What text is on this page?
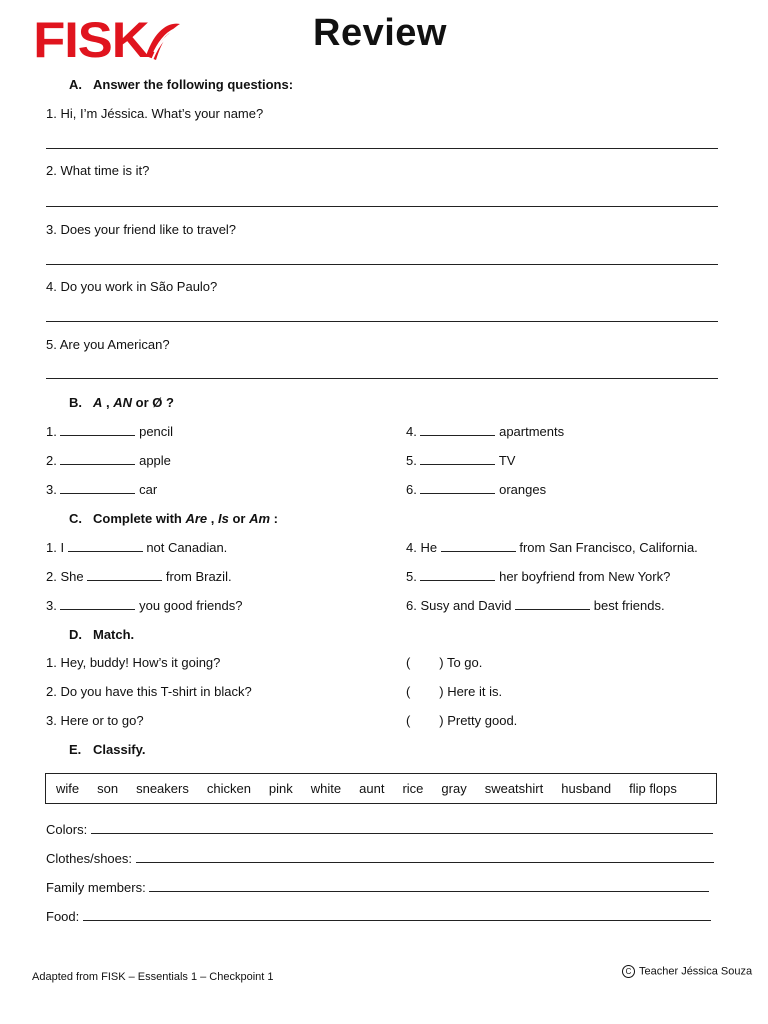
FISK	Review
A. Answer the following questions:
1. Hi, I’m Jéssica. What’s your name?
2. What time is it?
3. Does your friend like to travel?
4. Do you work in São Paulo?
5. Are you American?
B. A , AN or Ø ?
1.	pencil
2.	apple
3.	car
4.	apartments
5.	TV
6.	oranges
C. Complete with Are , Is or Am :
1. I	not Canadian.
2. She	from Brazil.
3.	you good friends?
4. He	from San Francisco, California.
5.	her boyfriend from New York?
6. Susy and David	best friends.
D. Match.
1. Hey, buddy! How’s it going?
2. Do you have this T-shirt in black?
3. Here or to go?
(        ) To go.
(        ) Here it is.
(        ) Pretty good.
E. Classify.
wife son sneakers chicken pink white aunt rice gray sweatshirt husband flip flops
Colors:
Clothes/shoes:
Family members:
Food:
Adapted from FISK – Essentials 1 – Checkpoint 1	C Teacher Jéssica Souza
